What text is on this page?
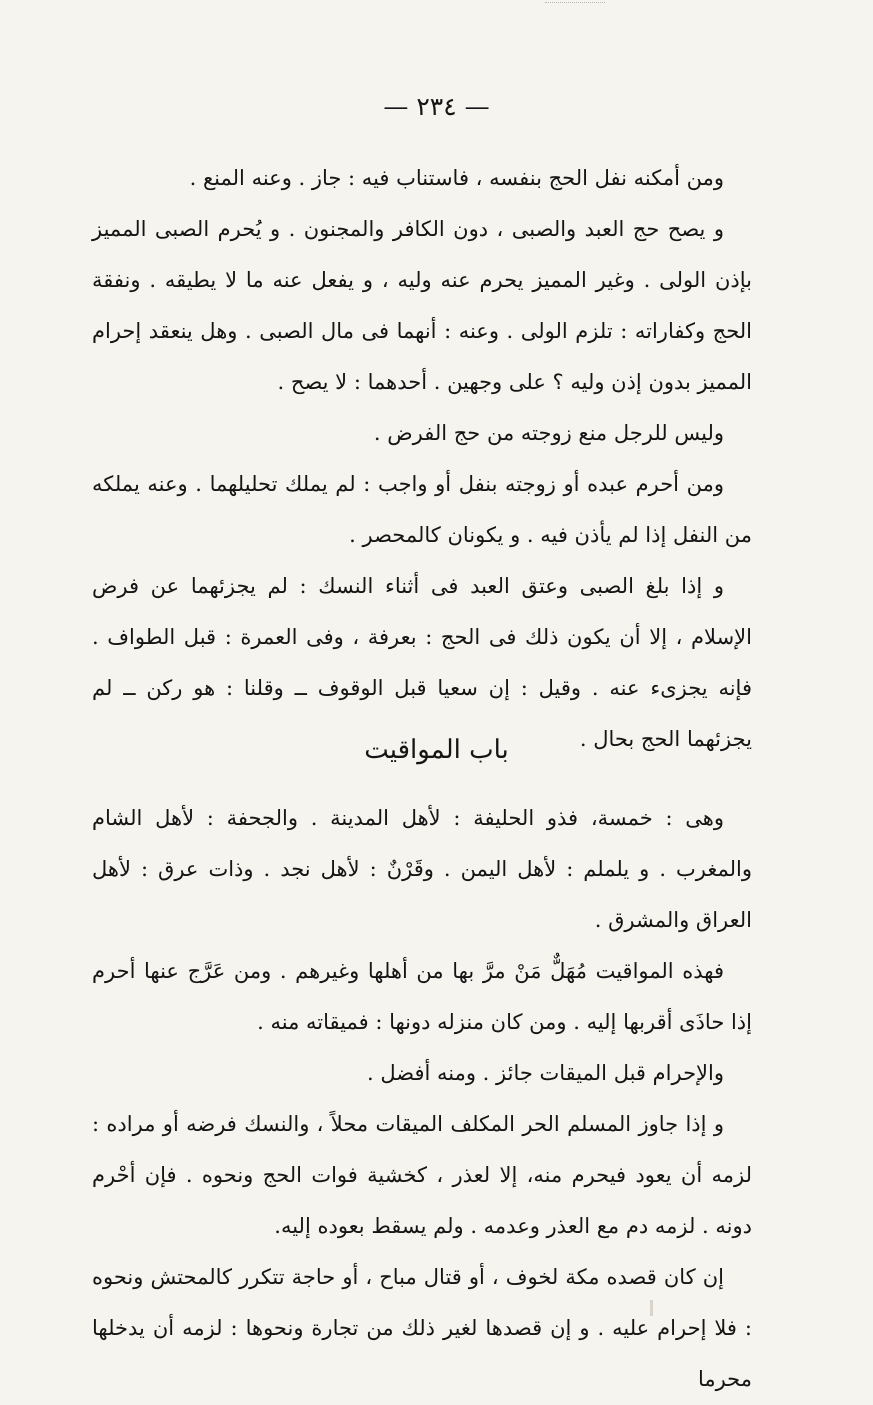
— ٢٣٤ —

ومن أمكنه نفل الحج بنفسه ، فاستناب فيه : جاز . وعنه المنع .

و يصح حج العبد والصبى ، دون الكافر والمجنون . و يُحرم الصبى المميز بإذن الولى . وغير المميز يحرم عنه وليه ، و يفعل عنه ما لا يطيقه . ونفقة الحج وكفاراته : تلزم الولى . وعنه : أنهما فى مال الصبى . وهل ينعقد إحرام المميز بدون إذن وليه ؟ على وجهين . أحدهما : لا يصح .

وليس للرجل منع زوجته من حج الفرض .

ومن أحرم عبده أو زوجته بنفل أو واجب : لم يملك تحليلهما . وعنه يملكه من النفل إذا لم يأذن فيه . و يكونان كالمحصر .

و إذا بلغ الصبى وعتق العبد فى أثناء النسك : لم يجزئهما عن فرض الإسلام ، إلا أن يكون ذلك فى الحج : بعرفة ، وفى العمرة : قبل الطواف . فإنه يجزىء عنه . وقيل : إن سعيا قبل الوقوف ــ وقلنا : هو ركن ــ لم يجزئهما الحج بحال .

باب المواقيت

وهى : خمسة، فذو الحليفة : لأهل المدينة . والجحفة : لأهل الشام والمغرب . و يلملم : لأهل اليمن . وقَرْنٌ : لأهل نجد . وذات عرق : لأهل العراق والمشرق .

فهذه المواقيت مُهَلٌّ مَنْ مرَّ بها من أهلها وغيرهم . ومن عَرَّج عنها أحرم إذا حاذَى أقربها إليه . ومن كان منزله دونها : فميقاته منه .

والإحرام قبل الميقات جائز . ومنه أفضل .

و إذا جاوز المسلم الحر المكلف الميقات محلاً ، والنسك فرضه أو مراده : لزمه أن يعود فيحرم منه، إلا لعذر ، كخشية فوات الحج ونحوه . فإن أحْرم دونه . لزمه دم مع العذر وعدمه . ولم يسقط بعوده إليه.

إن كان قصده مكة لخوف ، أو قتال مباح ، أو حاجة تتكرر كالمحتش ونحوه : فلا إحرام عليه . و إن قصدها لغير ذلك من تجارة ونحوها : لزمه أن يدخلها محرما
